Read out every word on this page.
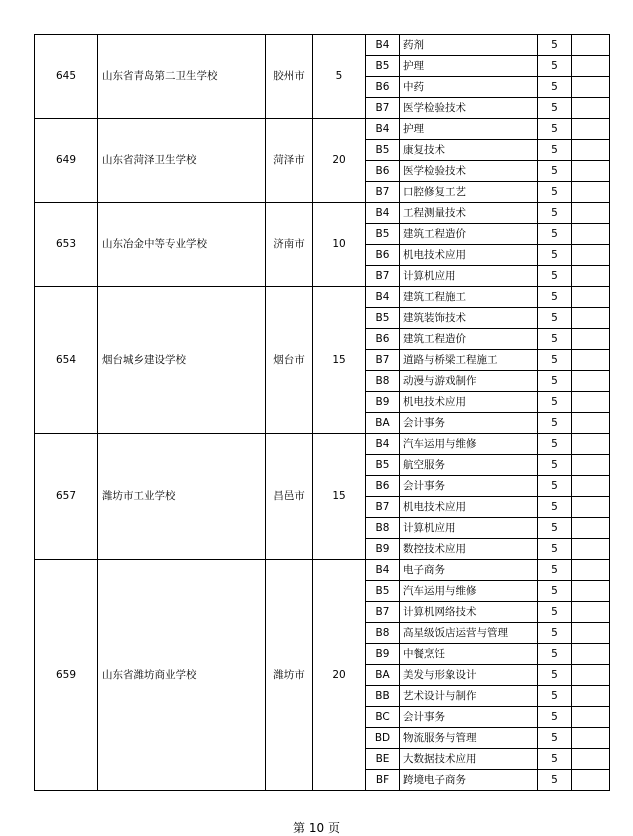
645	山东省青岛第二卫生学校	胶州市	5	B4	药剂	5	
				B5	护理	5	
				B6	中药	5	
				B7	医学检验技术	5	
649	山东省菏泽卫生学校	菏泽市	20	B4	护理	5	
				B5	康复技术	5	
				B6	医学检验技术	5	
				B7	口腔修复工艺	5	
653	山东冶金中等专业学校	济南市	10	B4	工程测量技术	5	
				B5	建筑工程造价	5	
				B6	机电技术应用	5	
				B7	计算机应用	5	
654	烟台城乡建设学校	烟台市	15	B4	建筑工程施工	5	
				B5	建筑装饰技术	5	
				B6	建筑工程造价	5	
				B7	道路与桥梁工程施工	5	
				B8	动漫与游戏制作	5	
				B9	机电技术应用	5	
				BA	会计事务	5	
657	潍坊市工业学校	昌邑市	15	B4	汽车运用与维修	5	
				B5	航空服务	5	
				B6	会计事务	5	
				B7	机电技术应用	5	
				B8	计算机应用	5	
				B9	数控技术应用	5	
659	山东省潍坊商业学校	潍坊市	20	B4	电子商务	5	
				B5	汽车运用与维修	5	
				B7	计算机网络技术	5	
				B8	高星级饭店运营与管理	5	
				B9	中餐烹饪	5	
				BA	美发与形象设计	5	
				BB	艺术设计与制作	5	
				BC	会计事务	5	
				BD	物流服务与管理	5	
				BE	大数据技术应用	5	
				BF	跨境电子商务	5	
第 10 页
